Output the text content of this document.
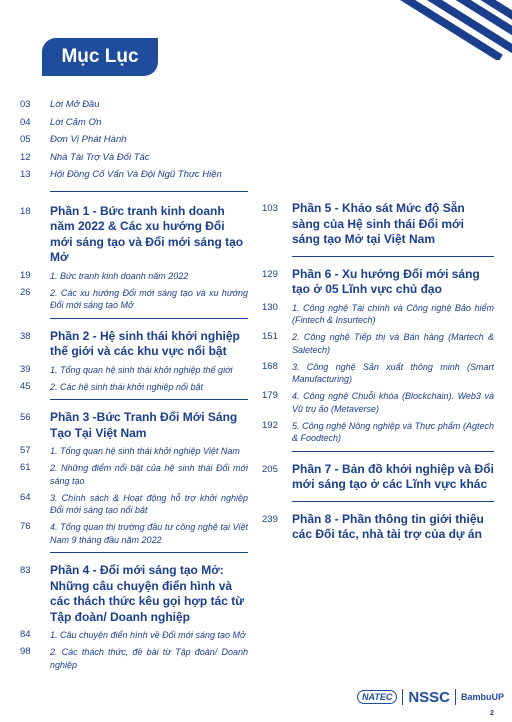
Mục Lục
03	Lời Mở Đầu
04	Lời Cảm Ơn
05	Đơn Vị Phát Hành
12	Nhà Tài Trợ Và Đối Tác
13	Hội Đồng Cố Vấn Và Đội Ngũ Thực Hiện
18	Phần 1 - Bức tranh kinh doanh năm 2022 & Các xu hướng Đổi mới sáng tạo và Đổi mới sáng tạo Mở
19	1. Bức tranh kinh doanh năm 2022
26	2. Các xu hướng Đổi mới sáng tạo và xu hướng Đổi mới sáng tạo Mở
38	Phần 2 - Hệ sinh thái khởi nghiệp thế giới và các khu vực nổi bật
39	1. Tổng quan hệ sinh thái khởi nghiệp thế giới
45	2. Các hệ sinh thái khởi nghiệp nổi bật
56	Phần 3 -Bức Tranh Đổi Mới Sáng Tạo Tại Việt Nam
57	1. Tổng quan hệ sinh thái khởi nghiệp Việt Nam
61	2. Những điểm nổi bật của hệ sinh thái Đổi mới sáng tạo
64	3. Chính sách & Hoạt động hỗ trợ khởi nghiệp Đổi mới sáng tạo nổi bật
76	4. Tổng quan thị trường đầu tư công nghệ tại Việt Nam 9 tháng đầu năm 2022
83	Phần 4 - Đổi mới sáng tạo Mở: Những câu chuyện điển hình và các thách thức kêu gọi hợp tác từ Tập đoàn/ Doanh nghiệp
84	1. Câu chuyện điển hình về Đổi mới sáng tạo Mở
98	2. Các thách thức, đề bài từ Tập đoàn/ Doanh nghiệp
103	Phần 5 - Khảo sát Mức độ Sẵn sàng của Hệ sinh thái Đổi mới sáng tạo Mở tại Việt Nam
129	Phần 6 - Xu hướng Đổi mới sáng tạo ở 05 Lĩnh vực chủ đạo
130	1. Công nghệ Tài chính và Công nghệ Bảo hiểm (Fintech & Insurtech)
151	2. Công nghệ Tiếp thị và Bán hàng (Martech & Saletech)
168	3. Công nghệ Sản xuất thông minh (Smart Manufacturing)
179	4. Công nghệ Chuỗi khóa (Blockchain). Web3 và Vũ trụ ảo (Metaverse)
192	5. Công nghệ Nông nghiệp và Thực phẩm (Agtech & Foodtech)
205	Phần 7 - Bản đồ khởi nghiệp và Đổi mới sáng tạo ở các Lĩnh vực khác
239	Phần 8 - Phần thông tin giới thiệu các Đối tác, nhà tài trợ của dự án
NATEC	NSSC BambuUP
2
